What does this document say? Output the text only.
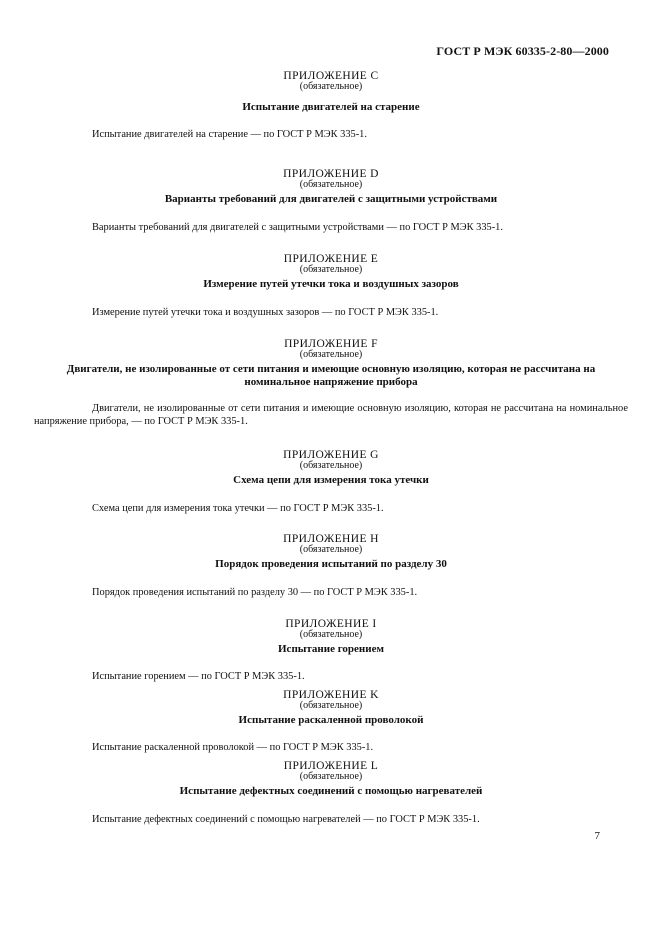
ГОСТ Р МЭК 60335-2-80—2000
ПРИЛОЖЕНИЕ C
(обязательное)
Испытание двигателей на старение
Испытание двигателей на старение — по ГОСТ Р МЭК 335-1.
ПРИЛОЖЕНИЕ D
(обязательное)
Варианты требований для двигателей с защитными устройствами
Варианты требований для двигателей с защитными устройствами — по ГОСТ Р МЭК 335-1.
ПРИЛОЖЕНИЕ E
(обязательное)
Измерение путей утечки тока и воздушных зазоров
Измерение путей утечки тока и воздушных зазоров — по ГОСТ Р МЭК 335-1.
ПРИЛОЖЕНИЕ F
(обязательное)
Двигатели, не изолированные от сети питания и имеющие основную изоляцию, которая не рассчитана на номинальное напряжение прибора
Двигатели, не изолированные от сети питания и имеющие основную изоляцию, которая не рассчитана на номинальное напряжение прибора, — по ГОСТ Р МЭК 335-1.
ПРИЛОЖЕНИЕ G
(обязательное)
Схема цепи для измерения тока утечки
Схема цепи для измерения тока утечки — по ГОСТ Р МЭК 335-1.
ПРИЛОЖЕНИЕ H
(обязательное)
Порядок проведения испытаний по разделу 30
Порядок проведения испытаний по разделу 30 — по ГОСТ Р МЭК 335-1.
ПРИЛОЖЕНИЕ I
(обязательное)
Испытание горением
Испытание горением — по ГОСТ Р МЭК 335-1.
ПРИЛОЖЕНИЕ K
(обязательное)
Испытание раскаленной проволокой
Испытание раскаленной проволокой — по ГОСТ Р МЭК 335-1.
ПРИЛОЖЕНИЕ L
(обязательное)
Испытание дефектных соединений с помощью нагревателей
Испытание дефектных соединений с помощью нагревателей — по ГОСТ Р МЭК 335-1.
7
